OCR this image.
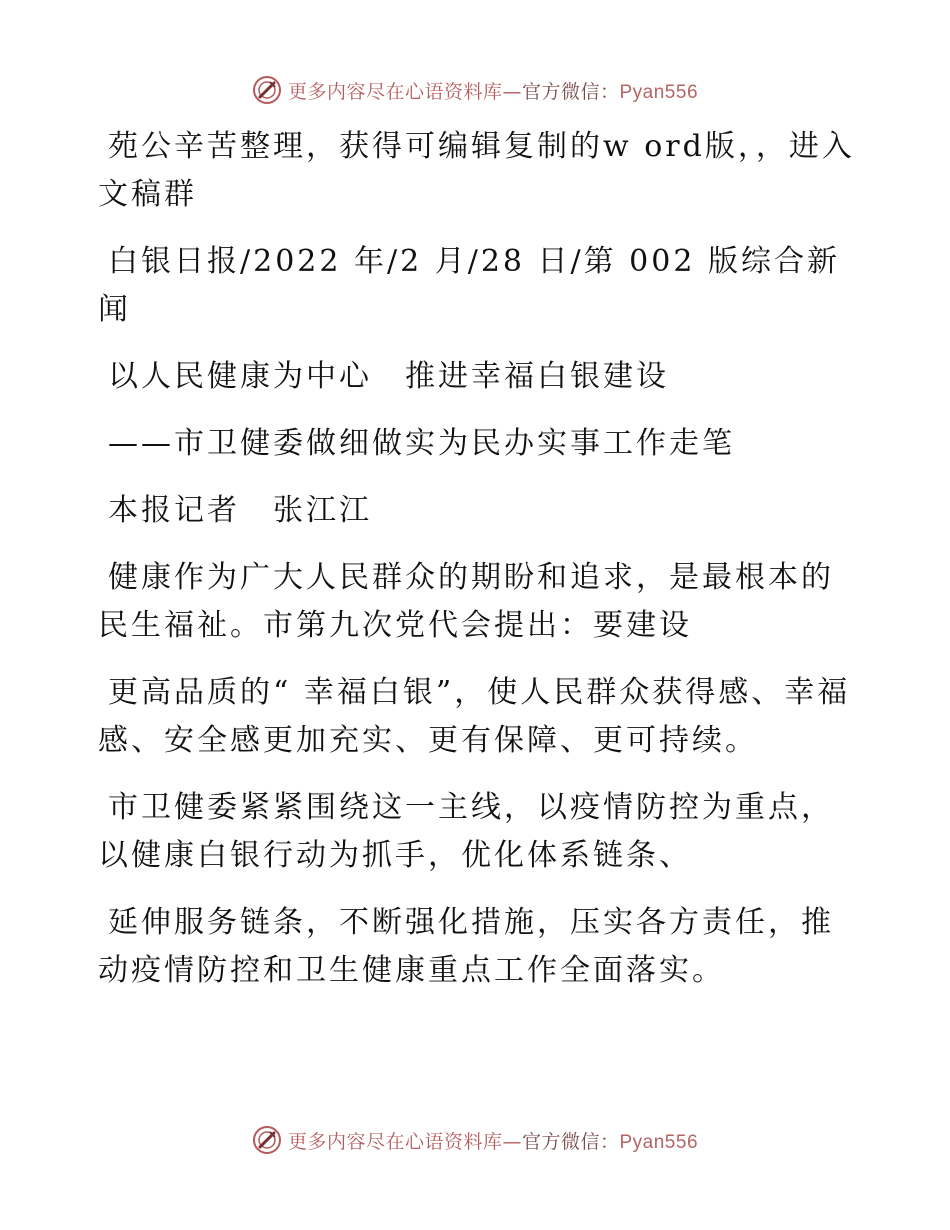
更多内容尽在心语资料库—官方微信：Pyan556

苑公辛苦整理，获得可编辑复制的w ord版，，进入文稿群

白银日报/2022 年/2 月/28 日/第 002 版综合新闻

以人民健康为中心　推进幸福白银建设

——市卫健委做细做实为民办实事工作走笔

本报记者　张江江

健康作为广大人民群众的期盼和追求，是最根本的民生福祉。市第九次党代会提出：要建设

更高品质的“ 幸福白银”，使人民群众获得感、幸福感、安全感更加充实、更有保障、更可持续。

市卫健委紧紧围绕这一主线，以疫情防控为重点，以健康白银行动为抓手，优化体系链条、

延伸服务链条，不断强化措施，压实各方责任，推动疫情防控和卫生健康重点工作全面落实。

更多内容尽在心语资料库—官方微信：Pyan556
